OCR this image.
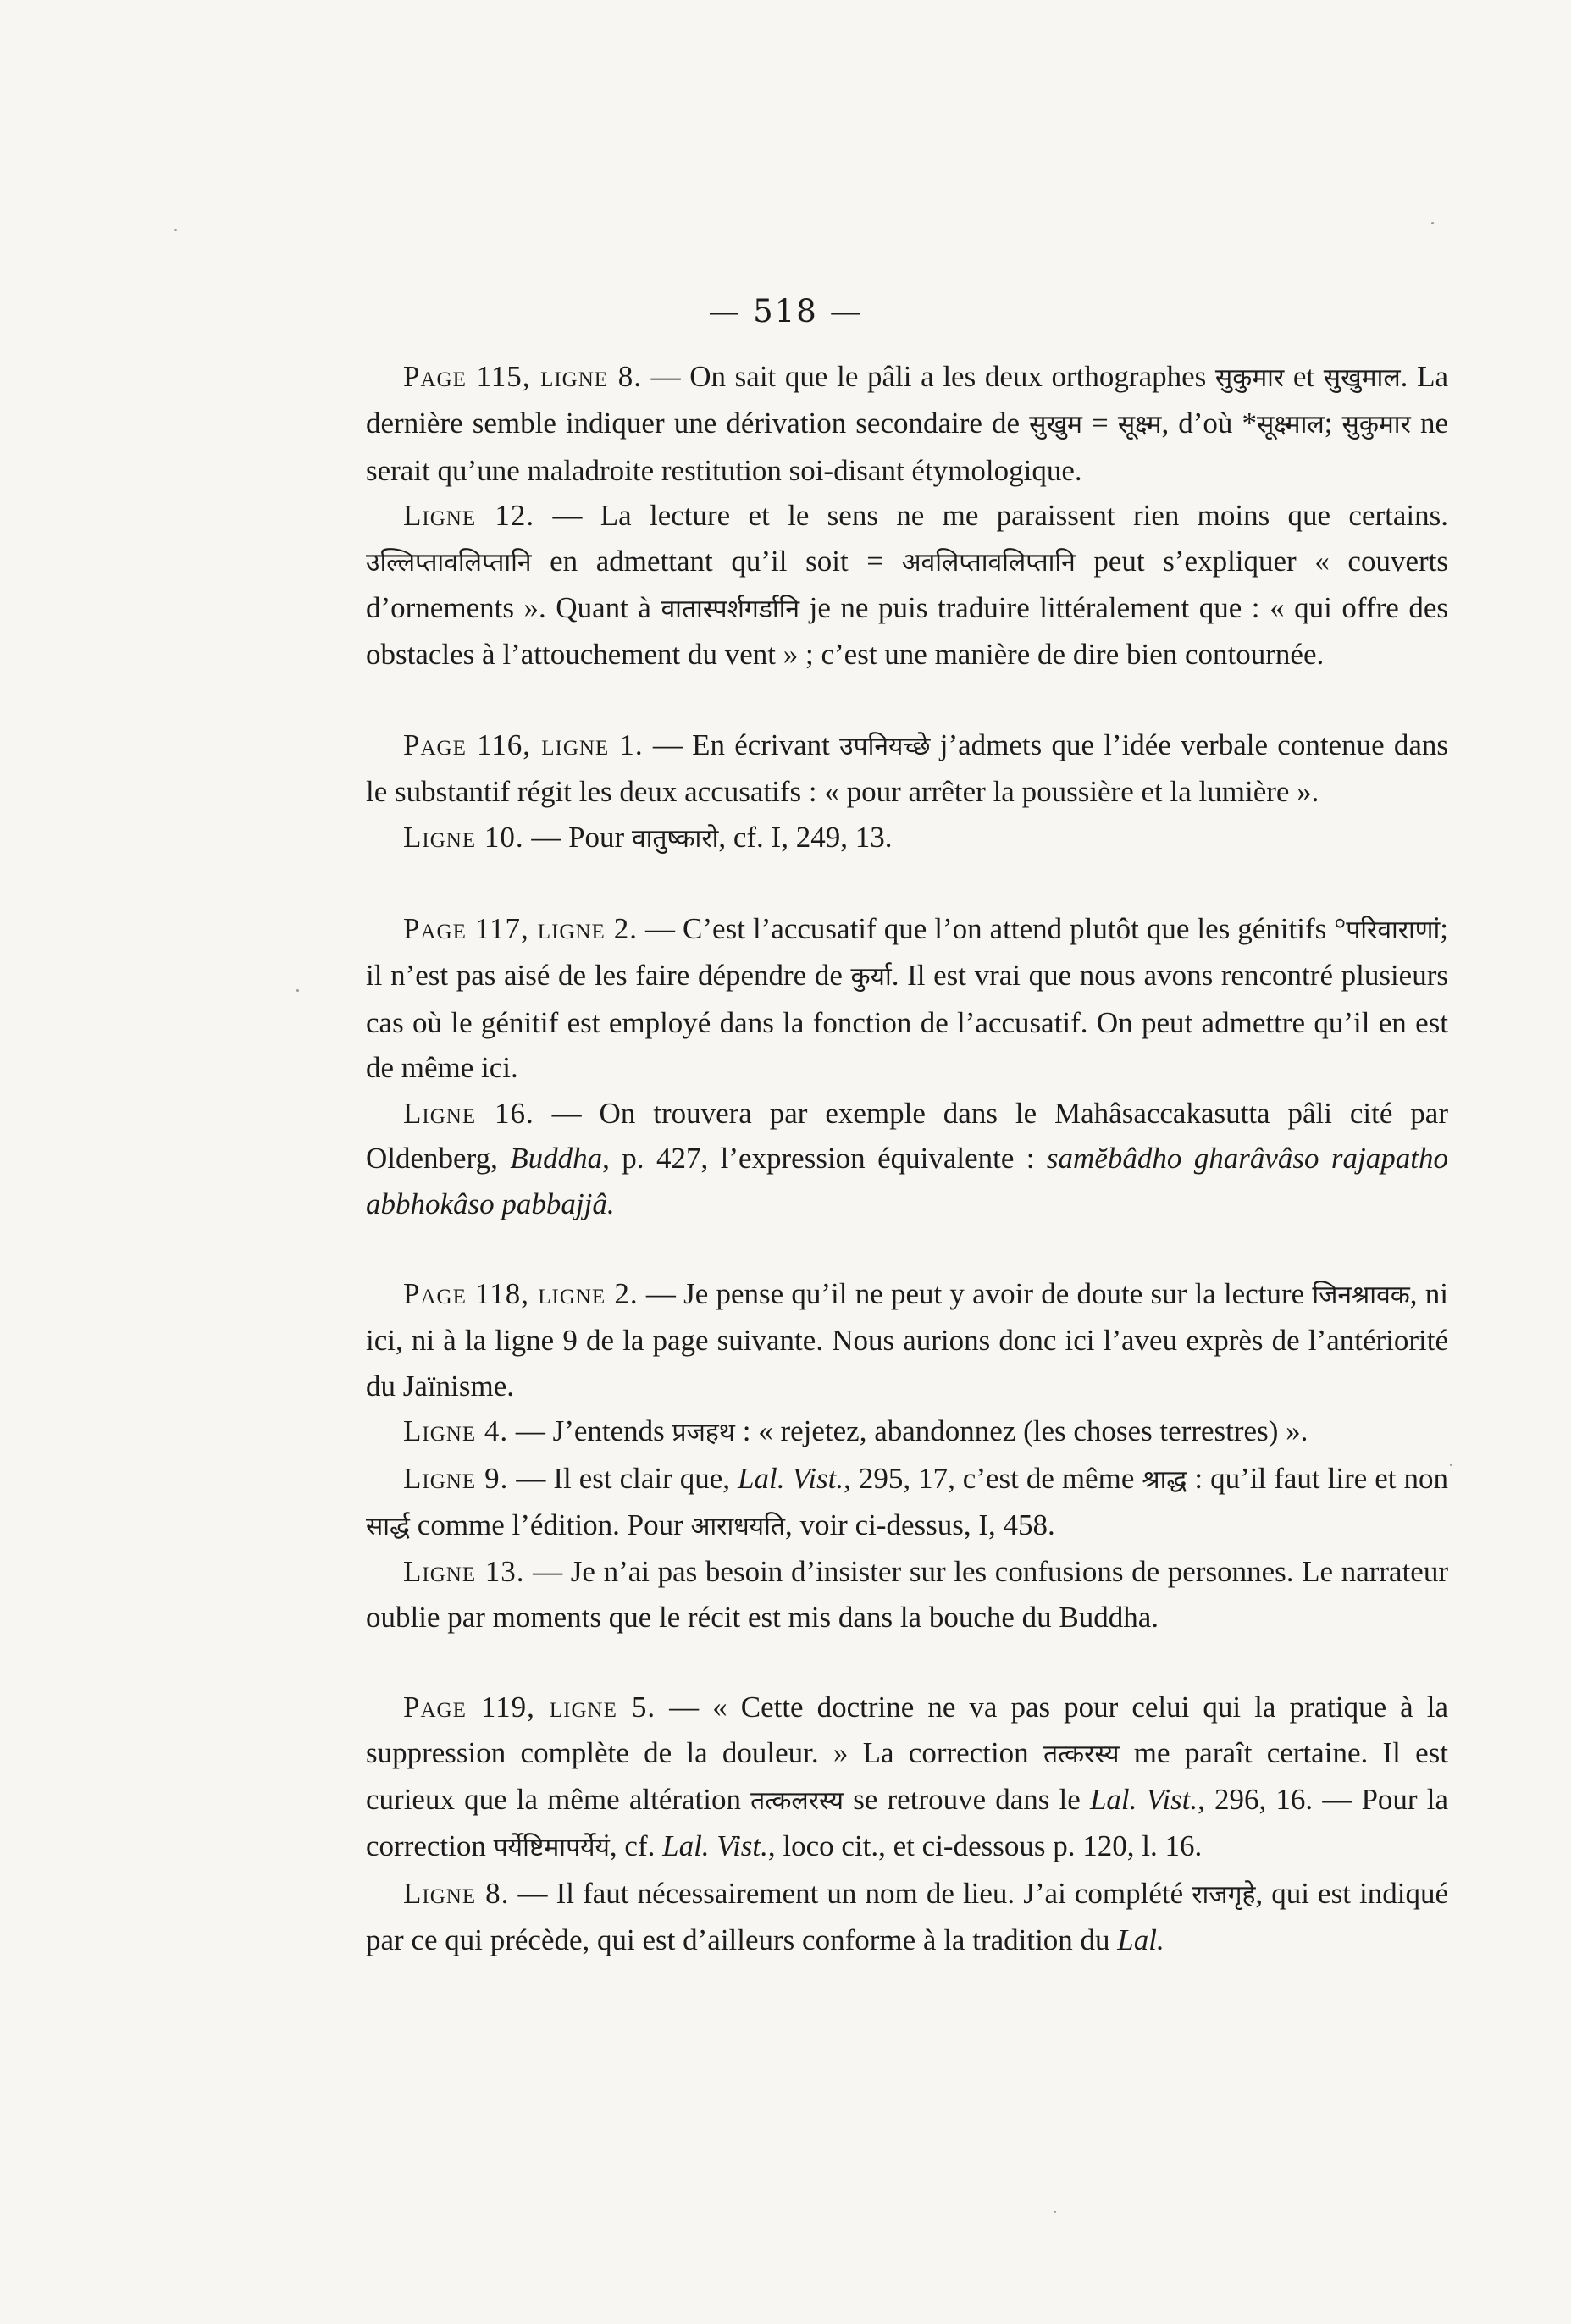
— 518 —

Page 115, ligne 8. — On sait que le pâli a les deux orthographes सुकुमार et सुखुमाल. La dernière semble indiquer une dérivation secondaire de सुखुम = सूक्ष्म, d’où *सूक्ष्माल; सुकुमार ne serait qu’une maladroite restitution soi-disant étymologique.

Ligne 12. — La lecture et le sens ne me paraissent rien moins que certains. उल्लिप्तावलिप्तानि en admettant qu’il soit = अवलिप्तावलिप्तानि peut s’expliquer « couverts d’ornements ». Quant à वातास्पर्शगर्डानि je ne puis traduire littéralement que : « qui offre des obstacles à l’attouchement du vent » ; c’est une manière de dire bien contournée.

Page 116, ligne 1. — En écrivant उपनियच्छे j’admets que l’idée verbale contenue dans le substantif régit les deux accusatifs : « pour arrêter la poussière et la lumière ».

Ligne 10. — Pour वातुष्कारो, cf. I, 249, 13.

Page 117, ligne 2. — C’est l’accusatif que l’on attend plutôt que les génitifs °परिवाराणां; il n’est pas aisé de les faire dépendre de कुर्या. Il est vrai que nous avons rencontré plusieurs cas où le génitif est employé dans la fonction de l’accusatif. On peut admettre qu’il en est de même ici.

Ligne 16. — On trouvera par exemple dans le Mahâsaccakasutta pâli cité par Oldenberg, Buddha, p. 427, l’expression équivalente : samĕbâdho gharâvâso rajapatho abbhokâso pabbajjâ.

Page 118, ligne 2. — Je pense qu’il ne peut y avoir de doute sur la lecture जिनश्रावक, ni ici, ni à la ligne 9 de la page suivante. Nous aurions donc ici l’aveu exprès de l’antériorité du Jaïnisme.

Ligne 4. — J’entends प्रजहथ : « rejetez, abandonnez (les choses terrestres) ».

Ligne 9. — Il est clair que, Lal. Vist., 295, 17, c’est de même श्राद्ध : qu’il faut lire et non सार्द्ध comme l’édition. Pour आराधयति, voir ci-dessus, I, 458.

Ligne 13. — Je n’ai pas besoin d’insister sur les confusions de personnes. Le narrateur oublie par moments que le récit est mis dans la bouche du Buddha.

Page 119, ligne 5. — « Cette doctrine ne va pas pour celui qui la pratique à la suppression complète de la douleur. » La correction तत्करस्य me paraît certaine. Il est curieux que la même altération तत्कलरस्य se retrouve dans le Lal. Vist., 296, 16. — Pour la correction पर्येष्टिमापर्येयं, cf. Lal. Vist., loco cit., et ci-dessous p. 120, l. 16.

Ligne 8. — Il faut nécessairement un nom de lieu. J’ai complété राजगृहे, qui est indiqué par ce qui précède, qui est d’ailleurs conforme à la tradition du Lal.
